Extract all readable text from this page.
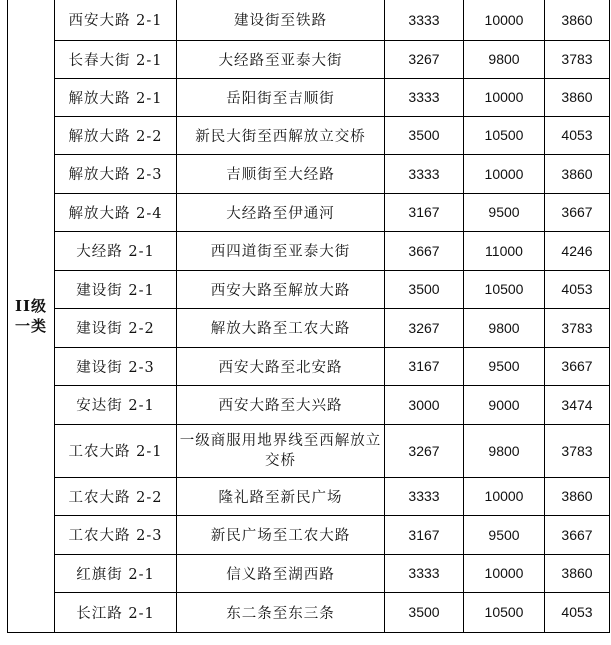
II级
一类	西安大路 2-1	建设街至铁路	3333	10000	3860
	长春大街 2-1	大经路至亚泰大街	3267	9800	3783
	解放大路 2-1	岳阳街至吉顺街	3333	10000	3860
	解放大路 2-2	新民大街至西解放立交桥	3500	10500	4053
	解放大路 2-3	吉顺街至大经路	3333	10000	3860
	解放大路 2-4	大经路至伊通河	3167	9500	3667
	大经路 2-1	西四道街至亚泰大街	3667	11000	4246
	建设街 2-1	西安大路至解放大路	3500	10500	4053
	建设街 2-2	解放大路至工农大路	3267	9800	3783
	建设街 2-3	西安大路至北安路	3167	9500	3667
	安达街 2-1	西安大路至大兴路	3000	9000	3474
	工农大路 2-1	一级商服用地界线至西解放立交桥	3267	9800	3783
	工农大路 2-2	隆礼路至新民广场	3333	10000	3860
	工农大路 2-3	新民广场至工农大路	3167	9500	3667
	红旗街 2-1	信义路至湖西路	3333	10000	3860
	长江路 2-1	东二条至东三条	3500	10500	4053
